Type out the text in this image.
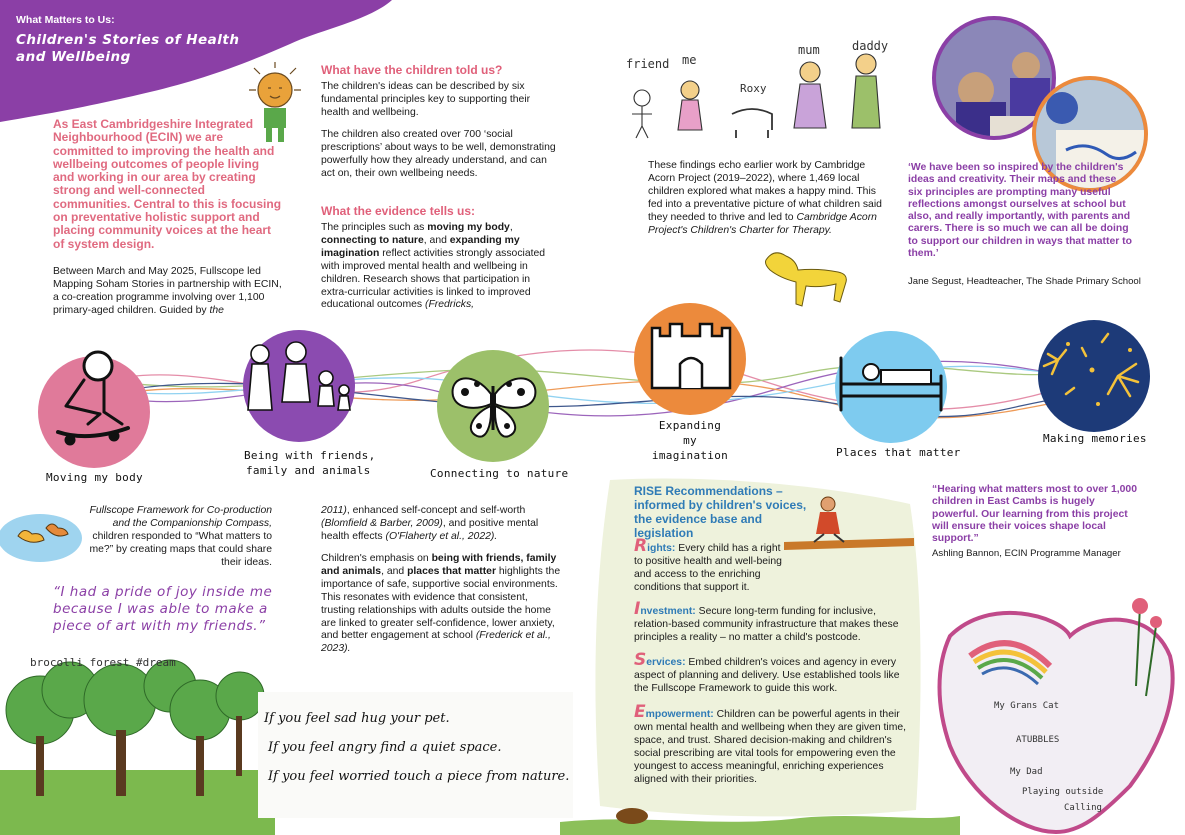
What Matters to Us:
Children's Stories of Health
and Wellbeing
As East Cambridgeshire Integrated Neighbourhood (ECIN) we are committed to improving the health and wellbeing outcomes of people living and working in our area by creating strong and well-connected communities. Central to this is focusing on preventative holistic support and placing community voices at the heart of system design.
Between March and May 2025, Fullscope led Mapping Soham Stories in partnership with ECIN, a co-creation programme involving over 1,100 primary-aged children. Guided by the
What have the children told us?
The children's ideas can be described by six fundamental principles key to supporting their health and wellbeing.
The children also created over 700 ‘social prescriptions’ about ways to be well, demonstrating powerfully how they already understand, and can act on, their own wellbeing needs.
What the evidence tells us:
The principles such as moving my body, connecting to nature, and expanding my imagination reflect activities strongly associated with improved mental health and wellbeing in children. Research shows that participation in extra-curricular activities is linked to improved educational outcomes (Fredricks,
friend me
Roxy
mum	daddy
These findings echo earlier work by Cambridge Acorn Project (2019–2022), where 1,469 local children explored what makes a happy mind. This fed into a preventative picture of what children said they needed to thrive and led to Cambridge Acorn Project's Children's Charter for Therapy.
‘We have been so inspired by the children's ideas and creativity. Their maps and these six principles are prompting many useful reflections amongst ourselves at school but also, and really importantly, with parents and carers. There is so much we can all be doing to support our children in ways that matter to them.’
Jane Segust, Headteacher, The Shade Primary School
Moving my body
Being with friends,
family and animals	Connecting to nature
Expanding my
imagination	Places that matter
Making memories
Fullscope Framework for Co-production and the Companionship Compass, children responded to “What matters to me?” by creating maps that could share their ideas.
“I had a pride of joy inside me because I was able to make a piece of art with my friends.”
brocolli forest #dream
2011), enhanced self-concept and self-worth (Blomfield & Barber, 2009), and positive mental health effects (O'Flaherty et al., 2022).
Children's emphasis on being with friends, family and animals, and places that matter highlights the importance of safe, supportive social environments. This resonates with evidence that consistent, trusting relationships with adults outside the home are linked to greater self-confidence, lower anxiety, and better engagement at school (Frederick et al., 2023).
If you feel sad hug your pet.
If you feel angry find a quiet space.
If you feel worried touch a piece from nature.
RISE Recommendations – informed by children's voices, the evidence base and legislation
Rights: Every child has a right to positive health and well-being and access to the enriching conditions that support it.
Investment: Secure long-term funding for inclusive, relation-based community infrastructure that makes these principles a reality – no matter a child's postcode.
Services: Embed children's voices and agency in every aspect of planning and delivery. Use established tools like the Fullscope Framework to guide this work.
Empowerment: Children can be powerful agents in their own mental health and wellbeing when they are given time, space, and trust. Shared decision-making and children's social prescribing are vital tools for empowering even the youngest to access meaningful, enriching experiences aligned with their priorities.
“Hearing what matters most to over 1,000 children in East Cambs is hugely powerful. Our learning from this project will ensure their voices shape local support.”
Ashling Bannon, ECIN Programme Manager
My Grans Cat
ATUBBLES
My Dad
Playing outside
Calling
